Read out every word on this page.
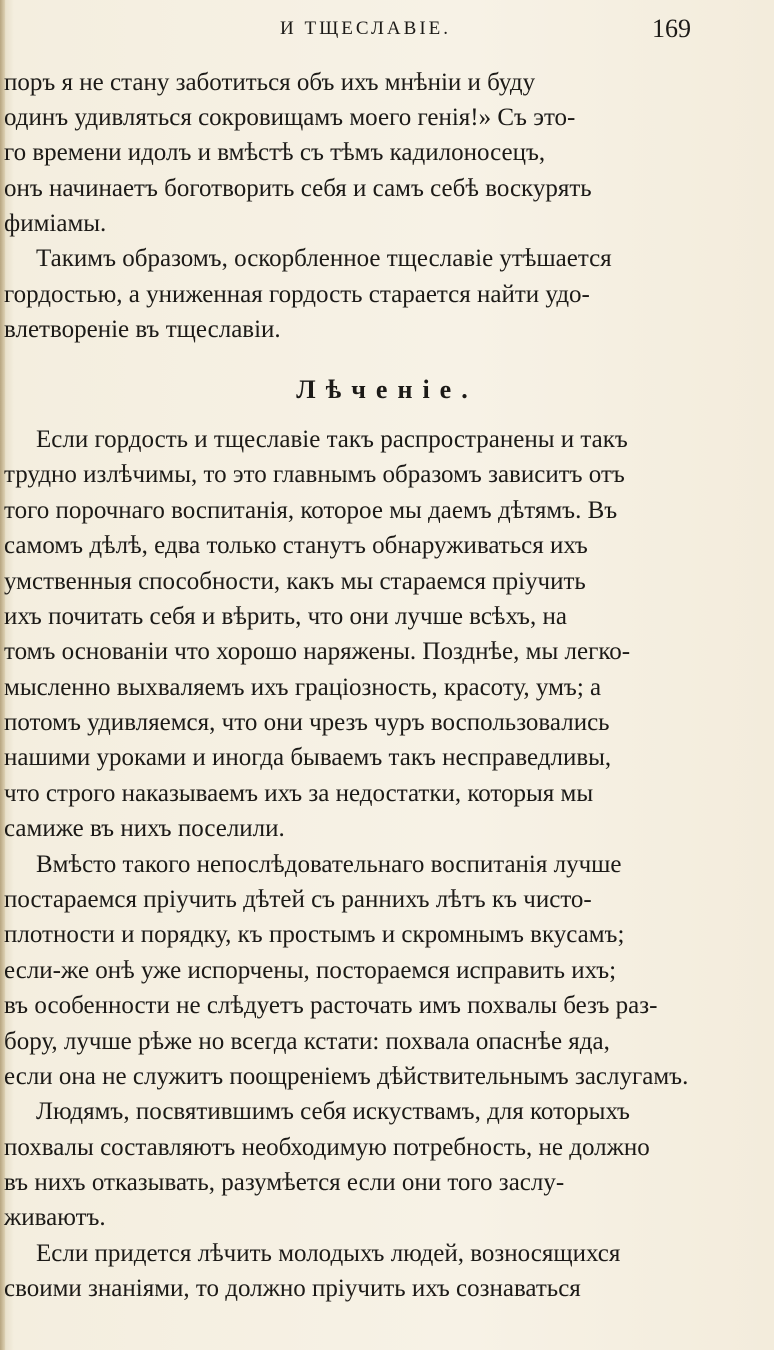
И ТЩЕСЛАВІЕ.	169
поръ я не стану заботиться объ ихъ мнѣніи и буду
одинъ удивляться сокровищамъ моего генія!» Съ это-
го времени идолъ и вмѣстѣ съ тѣмъ кадилоносецъ,
онъ начинаетъ боготворить себя и самъ себѣ воскурять
фиміамы.
Такимъ образомъ, оскорбленное тщеславіе утѣшается
гордостью, а униженная гордость старается найти удо-
влетвореніе въ тщеславіи.
Лѣченіе.
Если гордость и тщеславіе такъ распространены и такъ
трудно излѣчимы, то это главнымъ образомъ зависитъ отъ
того порочнаго воспитанія, которое мы даемъ дѣтямъ. Въ
самомъ дѣлѣ, едва только станутъ обнаруживаться ихъ
умственныя способности, какъ мы стараемся пріучить
ихъ почитать себя и вѣрить, что они лучше всѣхъ, на
томъ основаніи что хорошо наряжены. Позднѣе, мы легко-
мысленно выхваляемъ ихъ граціозность, красоту, умъ; а
потомъ удивляемся, что они чрезъ чуръ воспользовались
нашими уроками и иногда бываемъ такъ несправедливы,
что строго наказываемъ ихъ за недостатки, которыя мы
самиже въ нихъ поселили.
Вмѣсто такого непослѣдовательнаго воспитанія лучше
постараемся пріучить дѣтей съ раннихъ лѣтъ къ чисто-
плотности и порядку, къ простымъ и скромнымъ вкусамъ;
если-же онѣ уже испорчены, постораемся исправить ихъ;
въ особенности не слѣдуетъ расточать имъ похвалы безъ раз-
бору, лучше рѣже но всегда кстати: похвала опаснѣе яда,
если она не служитъ поощреніемъ дѣйствительнымъ заслугамъ.
Людямъ, посвятившимъ себя искуствамъ, для которыхъ
похвалы составляютъ необходимую потребность, не должно
въ нихъ отказывать, разумѣется если они того заслу-
живаютъ.
Если придется лѣчить молодыхъ людей, возносящихся
своими знаніями, то должно пріучить ихъ сознаваться
